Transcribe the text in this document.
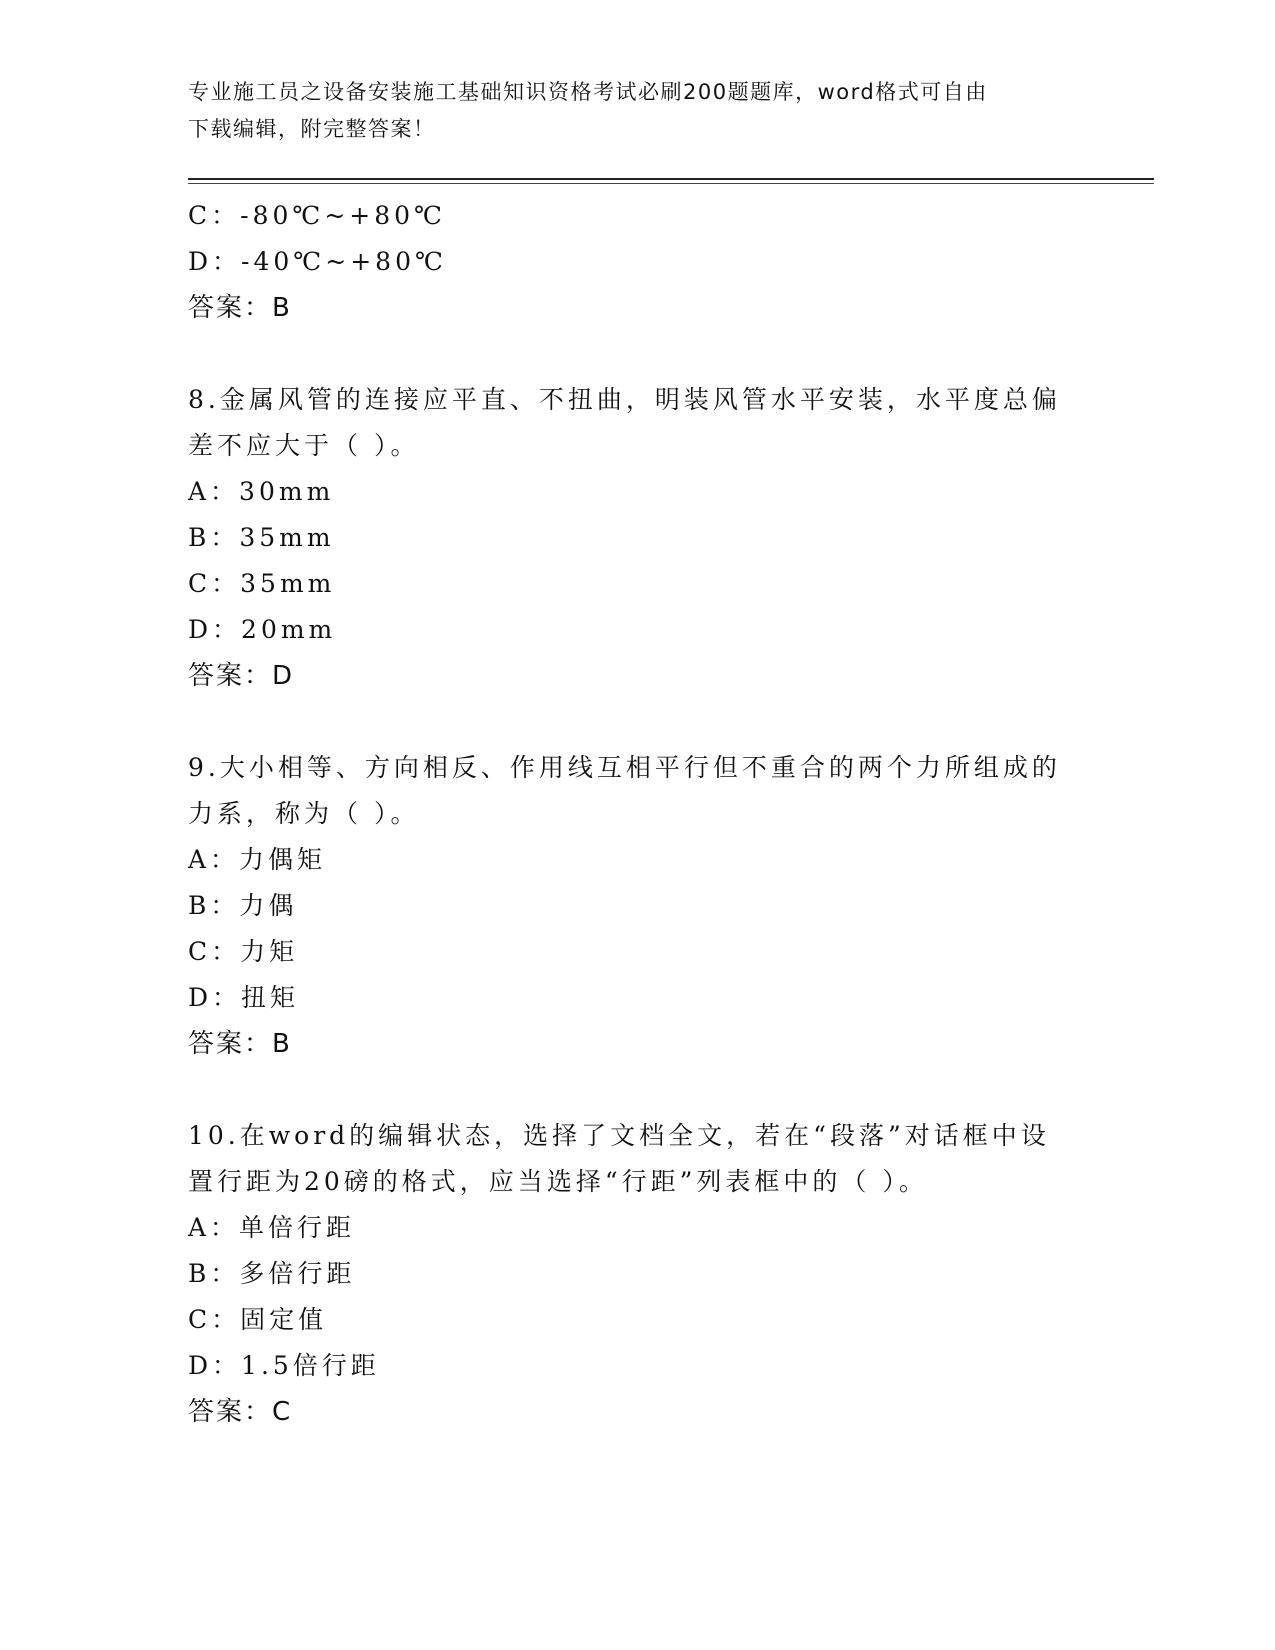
专业施工员之设备安装施工基础知识资格考试必刷200题题库，word格式可自由
下载编辑，附完整答案！
C：-80℃~+80℃
D：-40℃~+80℃
答案：B
8.金属风管的连接应平直、不扭曲，明装风管水平安装，水平度总偏
差不应大于（ ）。
A：30mm
B：35mm
C：35mm
D：20mm
答案：D
9.大小相等、方向相反、作用线互相平行但不重合的两个力所组成的
力系，称为（ ）。
A：力偶矩
B：力偶
C：力矩
D：扭矩
答案：B
10.在word的编辑状态，选择了文档全文，若在“段落”对话框中设
置行距为20磅的格式，应当选择“行距”列表框中的（ ）。
A：单倍行距
B：多倍行距
C：固定值
D：1.5倍行距
答案：C
